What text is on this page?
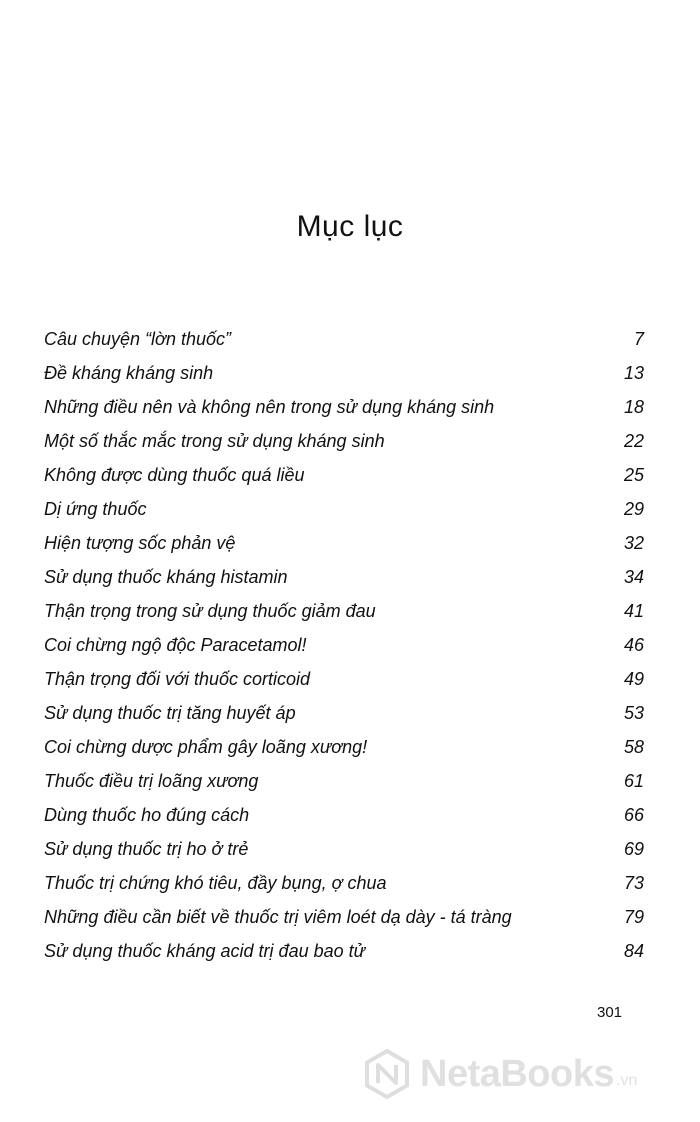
Mục lục
Câu chuyện “lờn thuốc”	7
Đề kháng kháng sinh	13
Những điều nên và không nên trong sử dụng kháng sinh	18
Một số thắc mắc trong sử dụng kháng sinh	22
Không được dùng thuốc quá liều	25
Dị ứng thuốc	29
Hiện tượng sốc phản vệ	32
Sử dụng thuốc kháng histamin	34
Thận trọng trong sử dụng thuốc giảm đau	41
Coi chừng ngộ độc Paracetamol!	46
Thận trọng đối với thuốc corticoid	49
Sử dụng thuốc trị tăng huyết áp	53
Coi chừng dược phẩm gây loãng xương!	58
Thuốc điều trị loãng xương	61
Dùng thuốc ho đúng cách	66
Sử dụng thuốc trị ho ở trẻ	69
Thuốc trị chứng khó tiêu, đầy bụng, ợ chua	73
Những điều cần biết về thuốc trị viêm loét dạ dày - tá tràng	79
Sử dụng thuốc kháng acid trị đau bao tử	84
301
NetaBooks .vn
